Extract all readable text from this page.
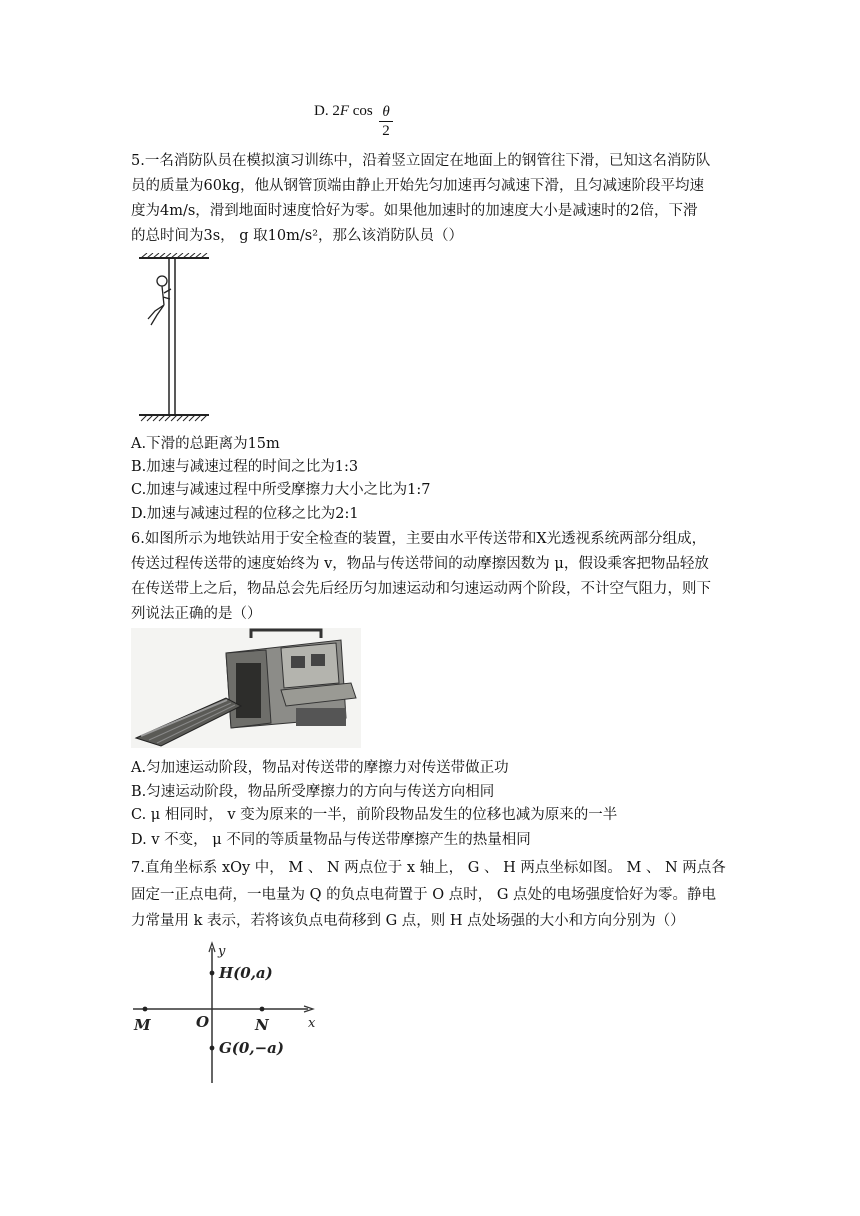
D. 2F cos θ
2
5.一名消防队员在模拟演习训练中，沿着竖立固定在地面上的钢管往下滑，已知这名消防队
员的质量为60kg，他从钢管顶端由静止开始先匀加速再匀减速下滑，且匀减速阶段平均速
度为4m/s，滑到地面时速度恰好为零。如果他加速时的加速度大小是减速时的2倍，下滑
的总时间为3s， g 取10m/s²，那么该消防队员（）
A.下滑的总距离为15m
B.加速与减速过程的时间之比为1:3
C.加速与减速过程中所受摩擦力大小之比为1:7
D.加速与减速过程的位移之比为2:1
6.如图所示为地铁站用于安全检查的装置，主要由水平传送带和X光透视系统两部分组成，
传送过程传送带的速度始终为 v，物品与传送带间的动摩擦因数为 μ，假设乘客把物品轻放
在传送带上之后，物品总会先后经历匀加速运动和匀速运动两个阶段，不计空气阻力，则下
列说法正确的是（）
A.匀加速运动阶段，物品对传送带的摩擦力对传送带做正功
B.匀速运动阶段，物品所受摩擦力的方向与传送方向相同
C. μ 相同时， v 变为原来的一半，前阶段物品发生的位移也减为原来的一半
D. v 不变， μ 不同的等质量物品与传送带摩擦产生的热量相同
7.直角坐标系 xOy 中， M 、 N 两点位于 x 轴上， G 、 H 两点坐标如图。 M 、 N 两点各
固定一正点电荷，一电量为 Q 的负点电荷置于 O 点时， G 点处的电场强度恰好为零。静电
力常量用 k 表示，若将该负点电荷移到 G 点，则 H 点处场强的大小和方向分别为（）
y
x
O
M	N
H(0,a)
G(0,−a)
